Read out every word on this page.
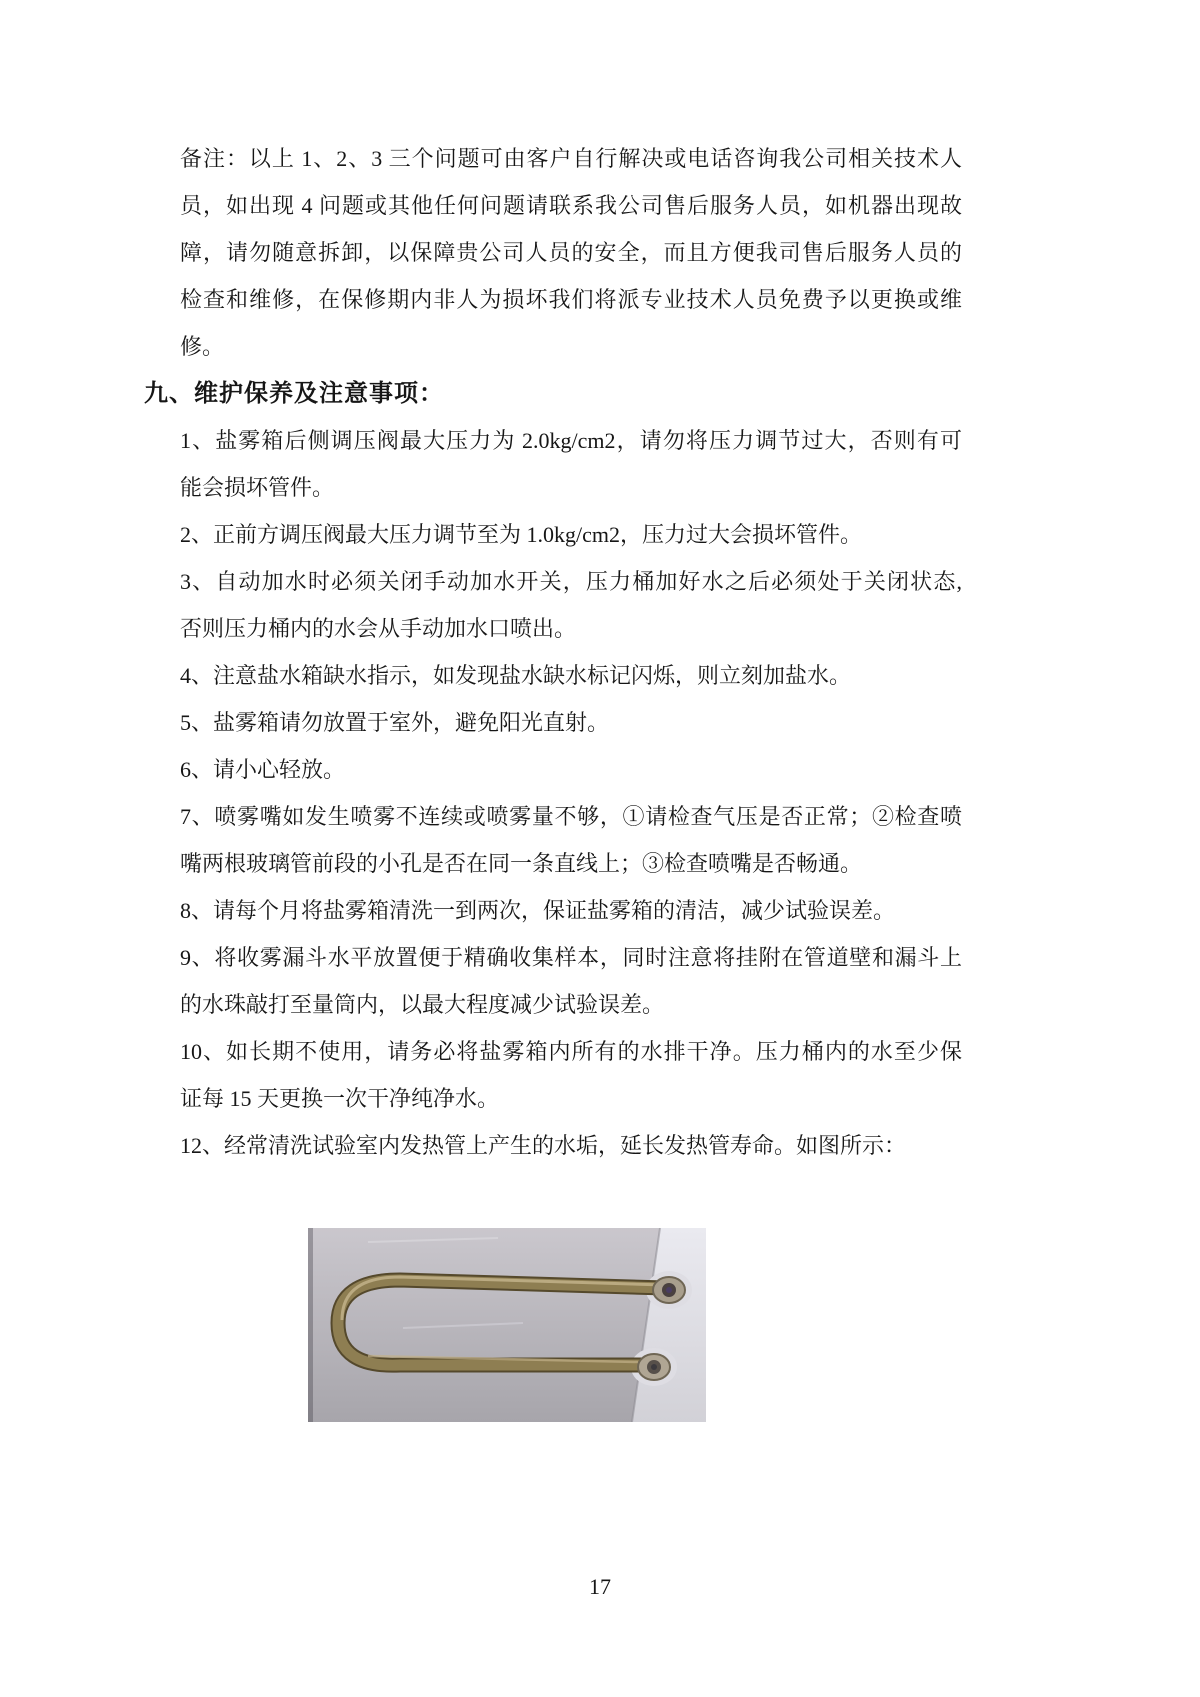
备注：以上 1、2、3 三个问题可由客户自行解决或电话咨询我公司相关技术人
员，如出现 4 问题或其他任何问题请联系我公司售后服务人员，如机器出现故
障，请勿随意拆卸，以保障贵公司人员的安全，而且方便我司售后服务人员的
检查和维修，在保修期内非人为损坏我们将派专业技术人员免费予以更换或维
修。
九、维护保养及注意事项：
1、盐雾箱后侧调压阀最大压力为 2.0kg/cm2，请勿将压力调节过大，否则有可
能会损坏管件。
2、正前方调压阀最大压力调节至为 1.0kg/cm2，压力过大会损坏管件。
3、自动加水时必须关闭手动加水开关，压力桶加好水之后必须处于关闭状态,
否则压力桶内的水会从手动加水口喷出。
4、注意盐水箱缺水指示，如发现盐水缺水标记闪烁，则立刻加盐水。
5、盐雾箱请勿放置于室外，避免阳光直射。
6、请小心轻放。
7、喷雾嘴如发生喷雾不连续或喷雾量不够，①请检查气压是否正常；②检查喷
嘴两根玻璃管前段的小孔是否在同一条直线上；③检查喷嘴是否畅通。
8、请每个月将盐雾箱清洗一到两次，保证盐雾箱的清洁，减少试验误差。
9、将收雾漏斗水平放置便于精确收集样本，同时注意将挂附在管道壁和漏斗上
的水珠敲打至量筒内，以最大程度减少试验误差。
10、如长期不使用，请务必将盐雾箱内所有的水排干净。压力桶内的水至少保
证每 15 天更换一次干净纯净水。
12、经常清洗试验室内发热管上产生的水垢，延长发热管寿命。如图所示：
17
